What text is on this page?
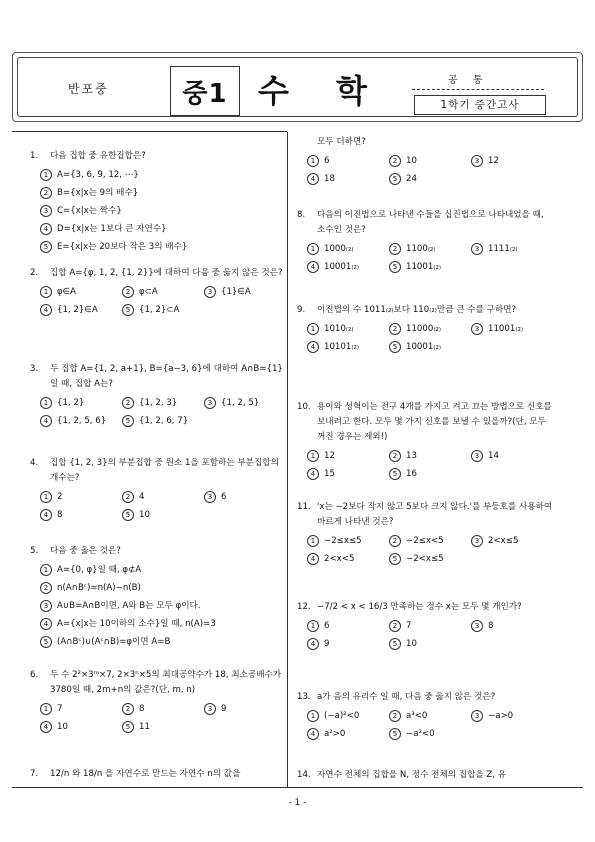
반포중	중1 수 학	공 통
1학기 중간고사
- 1 -
1.	다음 집합 중 유한집합은?
1	A={3, 6, 9, 12, ⋯}
2	B={x|x는 9의 배수}
3	C={x|x는 짝수}
4	D={x|x는 1보다 큰 자연수}
5	E={x|x는 20보다 작은 3의 배수}
2.	집합 A={φ, 1, 2, {1, 2}}에 대하여 다음 중 옳지 않은 것은?
1	φ∈A	2	φ⊂A	3	{1}∈A
4	{1, 2}∈A	5	{1, 2}⊂A
3.	두 집합 A={1, 2, a+1}, B={a−3, 6}에 대하여 A∩B={1}일 때, 집합 A는?
1	{1, 2}	2	{1, 2, 3}	3	{1, 2, 5}
4	{1, 2, 5, 6}	5	{1, 2, 6, 7}
4.	집합 {1, 2, 3}의 부분집합 중 원소 1을 포함하는 부분집합의 개수는?
1	2	2	4	3	6
4	8	5	10
5.	다음 중 옳은 것은?
1	A={0, φ}일 때, φ⊄A
2	n(A∩Bᶜ)=n(A)−n(B)
3	A∪B=A∩B이면, A와 B는 모두 φ이다.
4	A={x|x는 10이하의 소수}일 때, n(A)=3
5	(A∩Bᶜ)∪(Aᶜ∩B)=φ이면 A=B
6.	두 수 2²×3ᵐ×7, 2×3ⁿ×5의 최대공약수가 18, 최소공배수가 3780일 때, 2m+n의 값은?(단, m, n)
1	7	2	8	3	9
4	10	5	11
7.	12/n 와 18/n 을 자연수로 만드는 자연수 n의 값을
모두 더하면?
1	6	2	10	3	12
4	18	5	24
8.	다음의 이진법으로 나타낸 수들을 십진법으로 나타내었을 때, 소수인 것은?
1	1000₍₂₎	2	1100₍₂₎	3	1111₍₂₎
4	10001₍₂₎	5	11001₍₂₎
9.	이진법의 수 1011₍₂₎보다 110₍₂₎만큼 큰 수를 구하면?
1	1010₍₂₎	2	11000₍₂₎	3	11001₍₂₎
4	10101₍₂₎	5	10001₍₂₎
10. 용이와 성혁이는 전구 4개를 가지고 켜고 끄는 방법으로 신호를 보내려고 한다. 모두 몇 가지 신호를 보낼 수 있을까?(단, 모두 꺼진 경우는 제외!)
1	12	2	13	3	14
4	15	5	16
11. 'x는 −2보다 작지 않고 5보다 크지 않다.'를 부등호를 사용하여 바르게 나타낸 것은?
1	−2≤x≤5	2	−2≤x<5	3	2<x≤5
4	2<x<5	5	−2<x≤5
12. −7/2 < x < 16/3 만족하는 정수 x는 모두 몇 개인가?
1	6	2	7	3	8
4	9	5	10
13. a가 음의 유리수 일 때, 다음 중 옳지 않은 것은?
1	(−a)²<0	2	a³<0	3	−a>0
4	a²>0	5	−a²<0
14. 자연수 전체의 집합을 N, 정수 전체의 집합을 Z, 유
